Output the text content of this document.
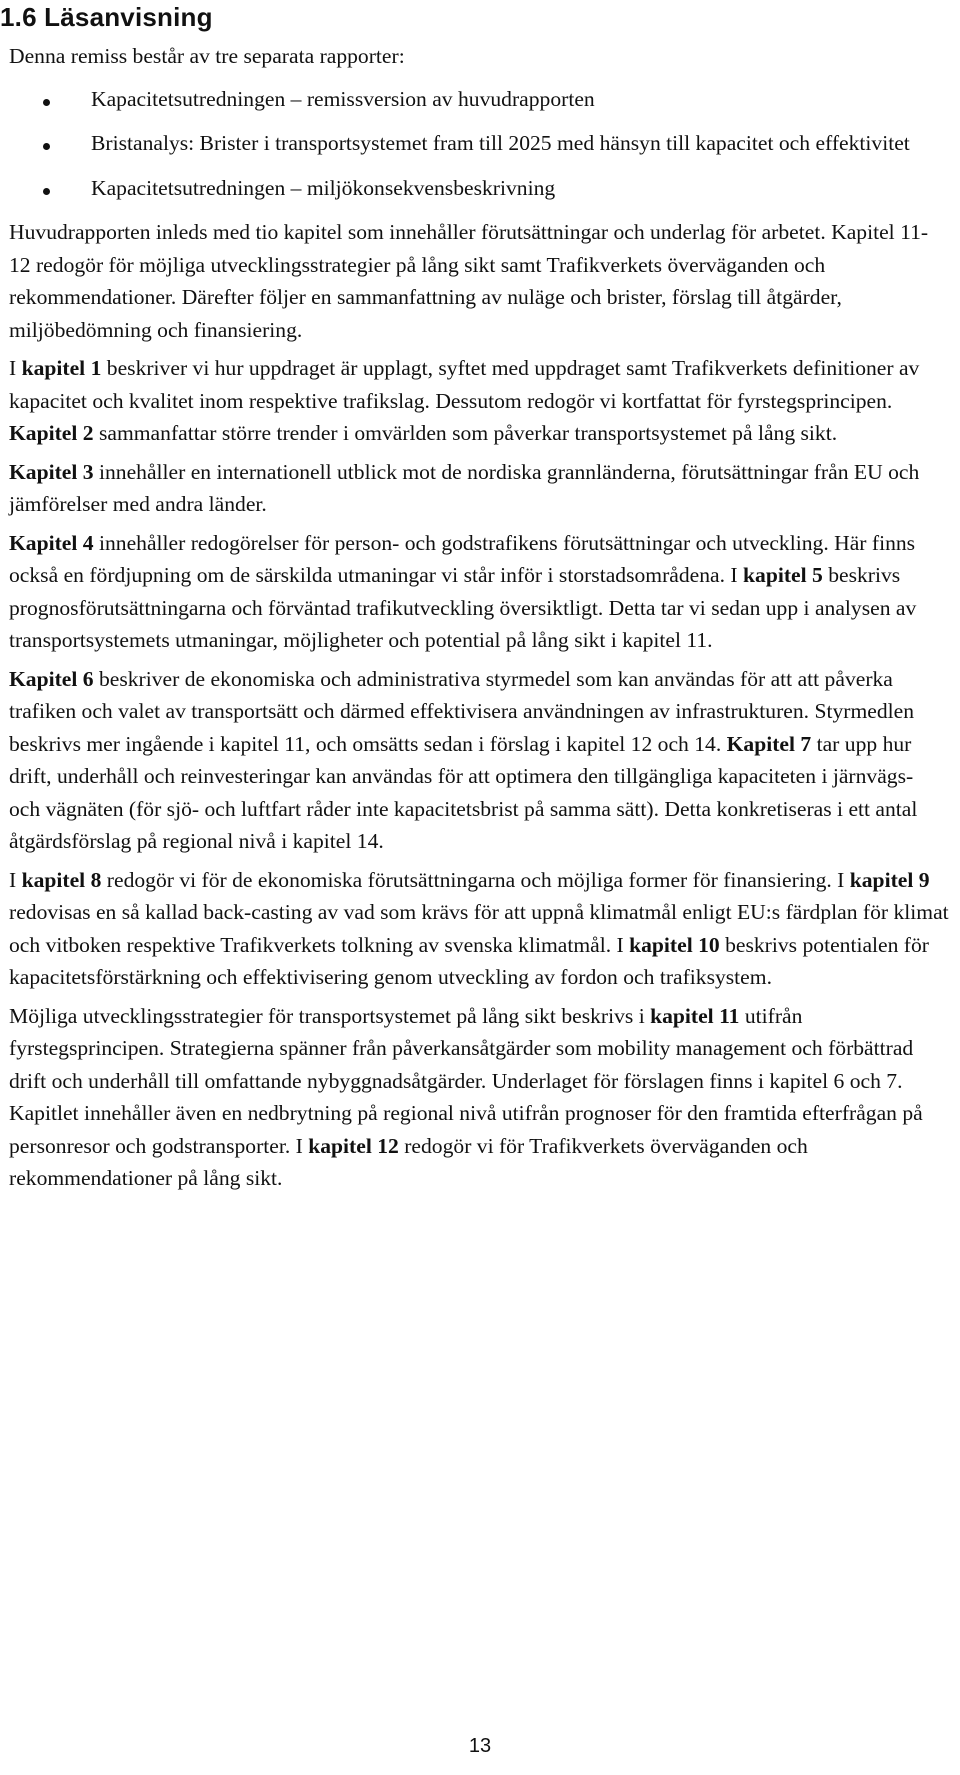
1.6 Läsanvisning

Denna remiss består av tre separata rapporter:

Kapacitetsutredningen – remissversion av huvudrapporten
Bristanalys: Brister i transportsystemet fram till 2025 med hänsyn till kapacitet och effektivitet
Kapacitetsutredningen – miljökonsekvensbeskrivning

Huvudrapporten inleds med tio kapitel som innehåller förutsättningar och underlag för arbetet. Kapitel 11-12 redogör för möjliga utvecklingsstrategier på lång sikt samt Trafikverkets överväganden och rekommendationer. Därefter följer en sammanfattning av nuläge och brister, förslag till åtgärder, miljöbedömning och finansiering.

I kapitel 1 beskriver vi hur uppdraget är upplagt, syftet med uppdraget samt Trafikverkets definitioner av kapacitet och kvalitet inom respektive trafikslag. Dessutom redogör vi kortfattat för fyrstegsprincipen. Kapitel 2 sammanfattar större trender i omvärlden som påverkar transportsystemet på lång sikt.

Kapitel 3 innehåller en internationell utblick mot de nordiska grannländerna, förutsättningar från EU och jämförelser med andra länder.

Kapitel 4 innehåller redogörelser för person- och godstrafikens förutsättningar och utveckling. Här finns också en fördjupning om de särskilda utmaningar vi står inför i storstadsområdena. I kapitel 5 beskrivs prognosförutsättningarna och förväntad trafikutveckling översiktligt. Detta tar vi sedan upp i analysen av transportsystemets utmaningar, möjligheter och potential på lång sikt i kapitel 11.

Kapitel 6 beskriver de ekonomiska och administrativa styrmedel som kan användas för att att påverka trafiken och valet av transportsätt och därmed effektivisera användningen av infrastrukturen. Styrmedlen beskrivs mer ingående i kapitel 11, och omsätts sedan i förslag i kapitel 12 och 14. Kapitel 7 tar upp hur drift, underhåll och reinvesteringar kan användas för att optimera den tillgängliga kapaciteten i järnvägs- och vägnäten (för sjö- och luftfart råder inte kapacitetsbrist på samma sätt). Detta konkretiseras i ett antal åtgärdsförslag på regional nivå i kapitel 14.

I kapitel 8 redogör vi för de ekonomiska förutsättningarna och möjliga former för finansiering. I kapitel 9 redovisas en så kallad back-casting av vad som krävs för att uppnå klimatmål enligt EU:s färdplan för klimat och vitboken respektive Trafikverkets tolkning av svenska klimatmål. I kapitel 10 beskrivs potentialen för kapacitetsförstärkning och effektivisering genom utveckling av fordon och trafiksystem.

Möjliga utvecklingsstrategier för transportsystemet på lång sikt beskrivs i kapitel 11 utifrån fyrstegsprincipen. Strategierna spänner från påverkansåtgärder som mobility management och förbättrad drift och underhåll till omfattande nybyggnadsåtgärder. Underlaget för förslagen finns i kapitel 6 och 7. Kapitlet innehåller även en nedbrytning på regional nivå utifrån prognoser för den framtida efterfrågan på personresor och godstransporter. I kapitel 12 redogör vi för Trafikverkets överväganden och rekommendationer på lång sikt.

13
